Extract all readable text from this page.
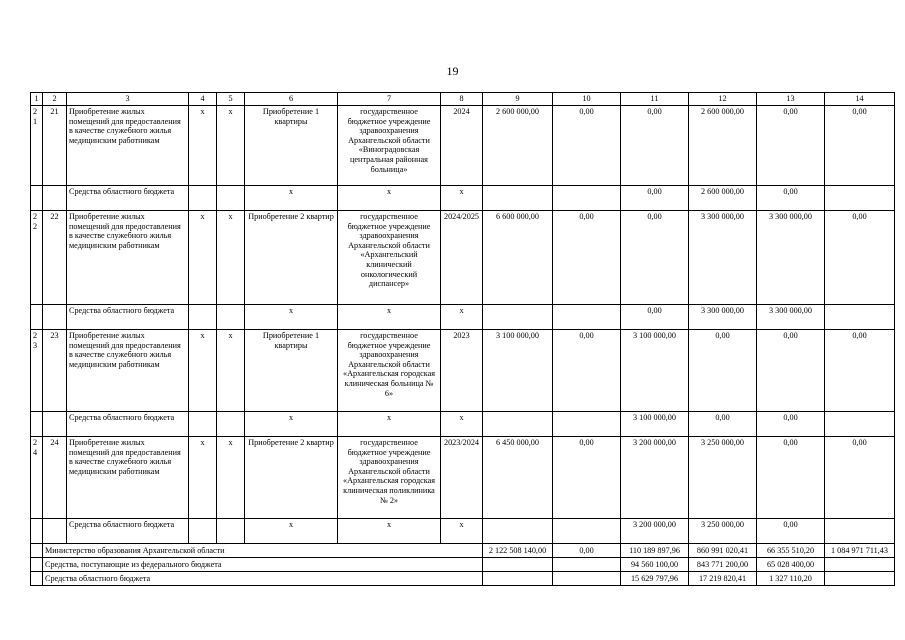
19
1	2	3	4	5	6	7	8	9	10	11	12	13	14
21	21	Приобретение жилых помещений для предоставления в качестве служебного жилья медицинским работникам	x	x	Приобретение 1 квартиры	государственное бюджетное учреждение здравоохранения Архангельской области «Виноградовская центральная районная больница»	2024	2 600 000,00	0,00	0,00	2 600 000,00	0,00	0,00
		Средства областного бюджета			x	x	x			0,00	2 600 000,00	0,00	
22	22	Приобретение жилых помещений для предоставления в качестве служебного жилья медицинским работникам	x	x	Приобретение 2 квартир	государственное бюджетное учреждение здравоохранения Архангельской области «Архангельский клинический онкологический диспансер»	2024/2025	6 600 000,00	0,00	0,00	3 300 000,00	3 300 000,00	0,00
		Средства областного бюджета			x	x	x			0,00	3 300 000,00	3 300 000,00	
23	23	Приобретение жилых помещений для предоставления в качестве служебного жилья медицинским работникам	x	x	Приобретение 1 квартиры	государственное бюджетное учреждение здравоохранения Архангельской области «Архангельская городская клиническая больница № 6»	2023	3 100 000,00	0,00	3 100 000,00	0,00	0,00	0,00
		Средства областного бюджета			x	x	x			3 100 000,00	0,00	0,00	
24	24	Приобретение жилых помещений для предоставления в качестве служебного жилья медицинским работникам	x	x	Приобретение 2 квартир	государственное бюджетное учреждение здравоохранения Архангельской области «Архангельская городская клиническая поликлиника № 2»	2023/2024	6 450 000,00	0,00	3 200 000,00	3 250 000,00	0,00	0,00
		Средства областного бюджета			x	x	x			3 200 000,00	3 250 000,00	0,00	
	Министерство образования Архангельской области							2 122 508 140,00	0,00	110 189 897,96	860 991 020,41	66 355 510,20	1 084 971 711,43
	Средства, поступающие из федерального бюджета									94 560 100,00	843 771 200,00	65 028 400,00	
	Средства областного бюджета									15 629 797,96	17 219 820,41	1 327 110,20	
